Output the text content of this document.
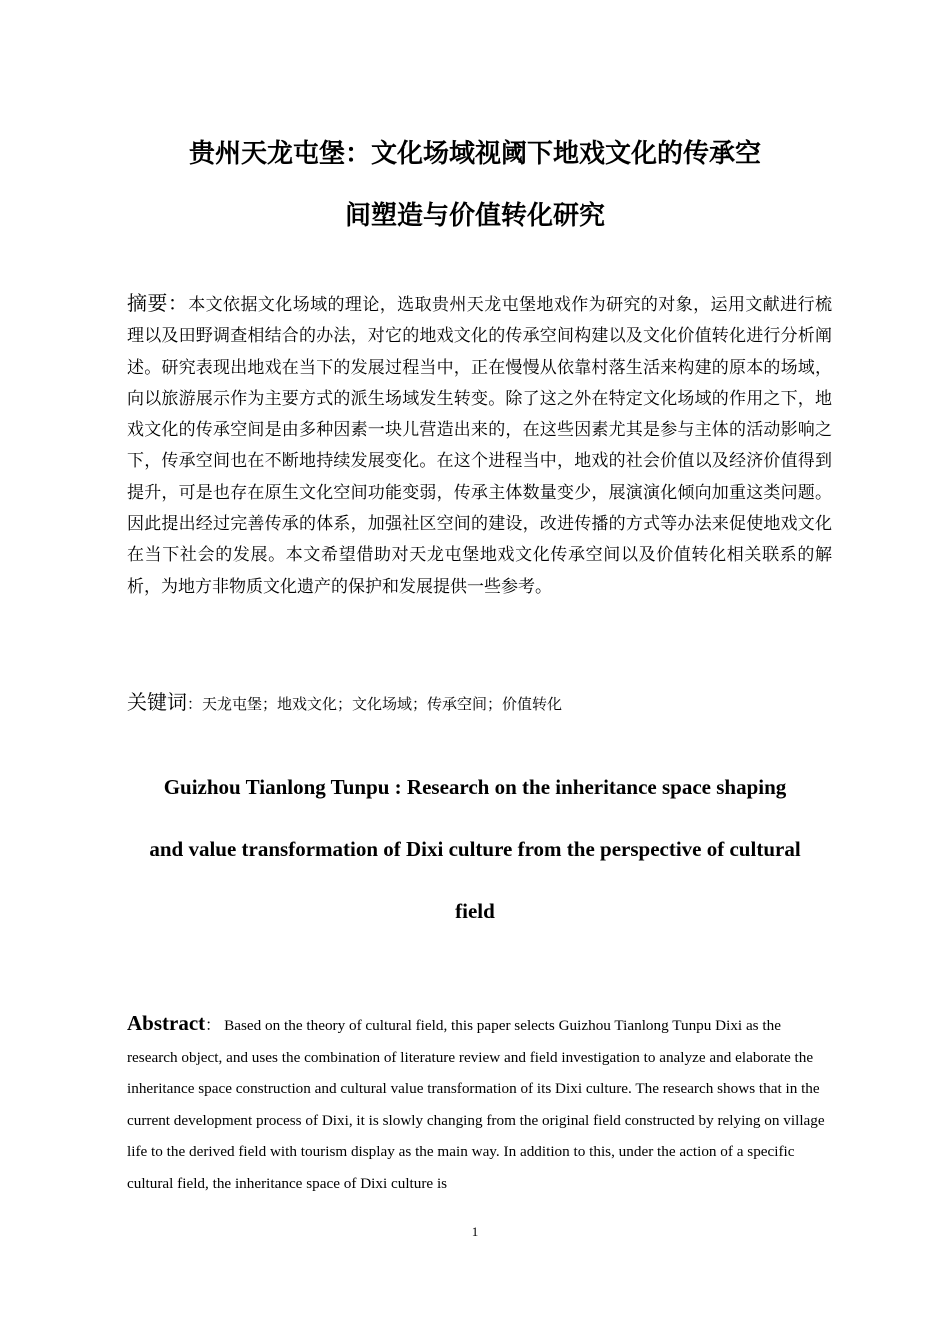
贵州天龙屯堡：文化场域视阈下地戏文化的传承空
间塑造与价值转化研究

摘要：本文依据文化场域的理论，选取贵州天龙屯堡地戏作为研究的对象，运用文献进行梳理以及田野调查相结合的办法，对它的地戏文化的传承空间构建以及文化价值转化进行分析阐述。研究表现出地戏在当下的发展过程当中，正在慢慢从依靠村落生活来构建的原本的场域，向以旅游展示作为主要方式的派生场域发生转变。除了这之外在特定文化场域的作用之下，地戏文化的传承空间是由多种因素一块儿营造出来的，在这些因素尤其是参与主体的活动影响之下，传承空间也在不断地持续发展变化。在这个进程当中，地戏的社会价值以及经济价值得到提升，可是也存在原生文化空间功能变弱，传承主体数量变少，展演演化倾向加重这类问题。因此提出经过完善传承的体系，加强社区空间的建设，改进传播的方式等办法来促使地戏文化在当下社会的发展。本文希望借助对天龙屯堡地戏文化传承空间以及价值转化相关联系的解析，为地方非物质文化遗产的保护和发展提供一些参考。

关键词：天龙屯堡；地戏文化；文化场域；传承空间；价值转化

Guizhou Tianlong Tunpu : Research on the inheritance space shaping
and value transformation of Dixi culture from the perspective of cultural
field

Abstract： Based on the theory of cultural field, this paper selects Guizhou Tianlong Tunpu Dixi as the research object, and uses the combination of literature review and field investigation to analyze and elaborate the inheritance space construction and cultural value transformation of its Dixi culture. The research shows that in the current development process of Dixi, it is slowly changing from the original field constructed by relying on village life to the derived field with tourism display as the main way. In addition to this, under the action of a specific cultural field, the inheritance space of Dixi culture is

1
